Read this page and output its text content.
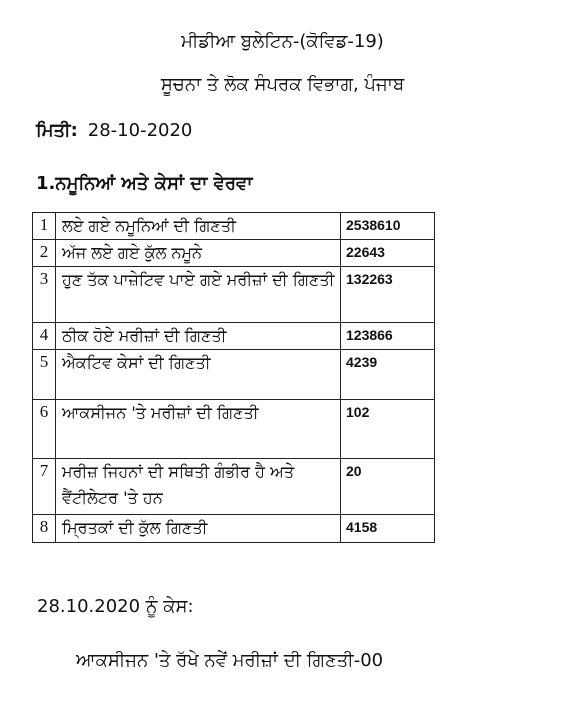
ਮੀਡੀਆ ਬੁਲੇਟਿਨ-(ਕੋਵਿਡ-19)
ਸੂਚਨਾ ਤੇ ਲੋਕ ਸੰਪਰਕ ਵਿਭਾਗ, ਪੰਜਾਬ
ਮਿਤੀ: 28-10-2020
1.ਨਮੂਨਿਆਂ ਅਤੇ ਕੇਸਾਂ ਦਾ ਵੇਰਵਾ
1	ਲਏ ਗਏ ਨਮੂਨਿਆਂ ਦੀ ਗਿਣਤੀ	2538610
2	ਅੱਜ ਲਏ ਗਏ ਕੁੱਲ ਨਮੂਨੇ	22643
3	ਹੁਣ ਤੱਕ ਪਾਜ਼ੇਟਿਵ ਪਾਏ ਗਏ ਮਰੀਜ਼ਾਂ ਦੀ ਗਿਣਤੀ	132263
4	ਠੀਕ ਹੋਏ ਮਰੀਜ਼ਾਂ ਦੀ ਗਿਣਤੀ	123866
5	ਐਕਟਿਵ ਕੇਸਾਂ ਦੀ ਗਿਣਤੀ	4239
6	ਆਕਸੀਜਨ 'ਤੇ ਮਰੀਜ਼ਾਂ ਦੀ ਗਿਣਤੀ	102
7	ਮਰੀਜ਼ ਜਿਹਨਾਂ ਦੀ ਸਥਿਤੀ ਗੰਭੀਰ ਹੈ ਅਤੇ ਵੈਂਟੀਲੇਟਰ 'ਤੇ ਹਨ	20
8	ਮ੍ਰਿਤਕਾਂ ਦੀ ਕੁੱਲ ਗਿਣਤੀ	4158
28.10.2020 ਨੂੰ ਕੇਸ:
ਆਕਸੀਜਨ 'ਤੇ ਰੱਖੇ ਨਵੇਂ ਮਰੀਜ਼ਾਂ ਦੀ ਗਿਣਤੀ-00
